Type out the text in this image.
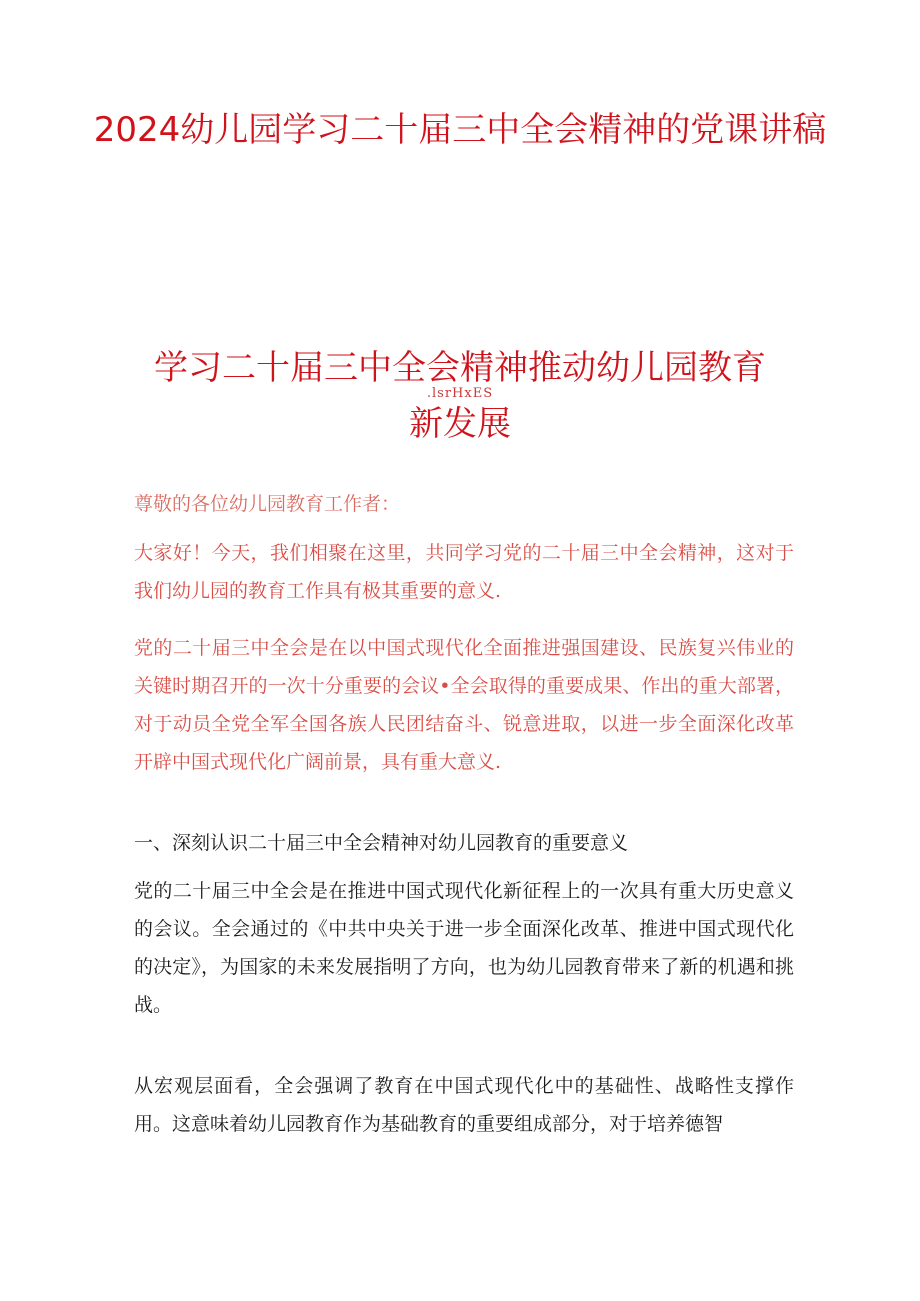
2024幼儿园学习二十届三中全会精神的党课讲稿
学习二十届三中全会精神推动幼儿园教育
新发展
.lsrHxES

尊敬的各位幼儿园教育工作者：

大家好！今天，我们相聚在这里，共同学习党的二十届三中全会精神，这对于我们幼儿园的教育工作具有极其重要的意义.

党的二十届三中全会是在以中国式现代化全面推进强国建设、民族复兴伟业的关键时期召开的一次十分重要的会议•全会取得的重要成果、作出的重大部署，对于动员全党全军全国各族人民团结奋斗、锐意进取，以进一步全面深化改革开辟中国式现代化广阔前景，具有重大意义.

一、深刻认识二十届三中全会精神对幼儿园教育的重要意义

党的二十届三中全会是在推进中国式现代化新征程上的一次具有重大历史意义的会议。全会通过的《中共中央关于进一步全面深化改革、推进中国式现代化的决定》，为国家的未来发展指明了方向，也为幼儿园教育带来了新的机遇和挑战。

从宏观层面看，全会强调了教育在中国式现代化中的基础性、战略性支撑作用。这意味着幼儿园教育作为基础教育的重要组成部分，对于培养德智
